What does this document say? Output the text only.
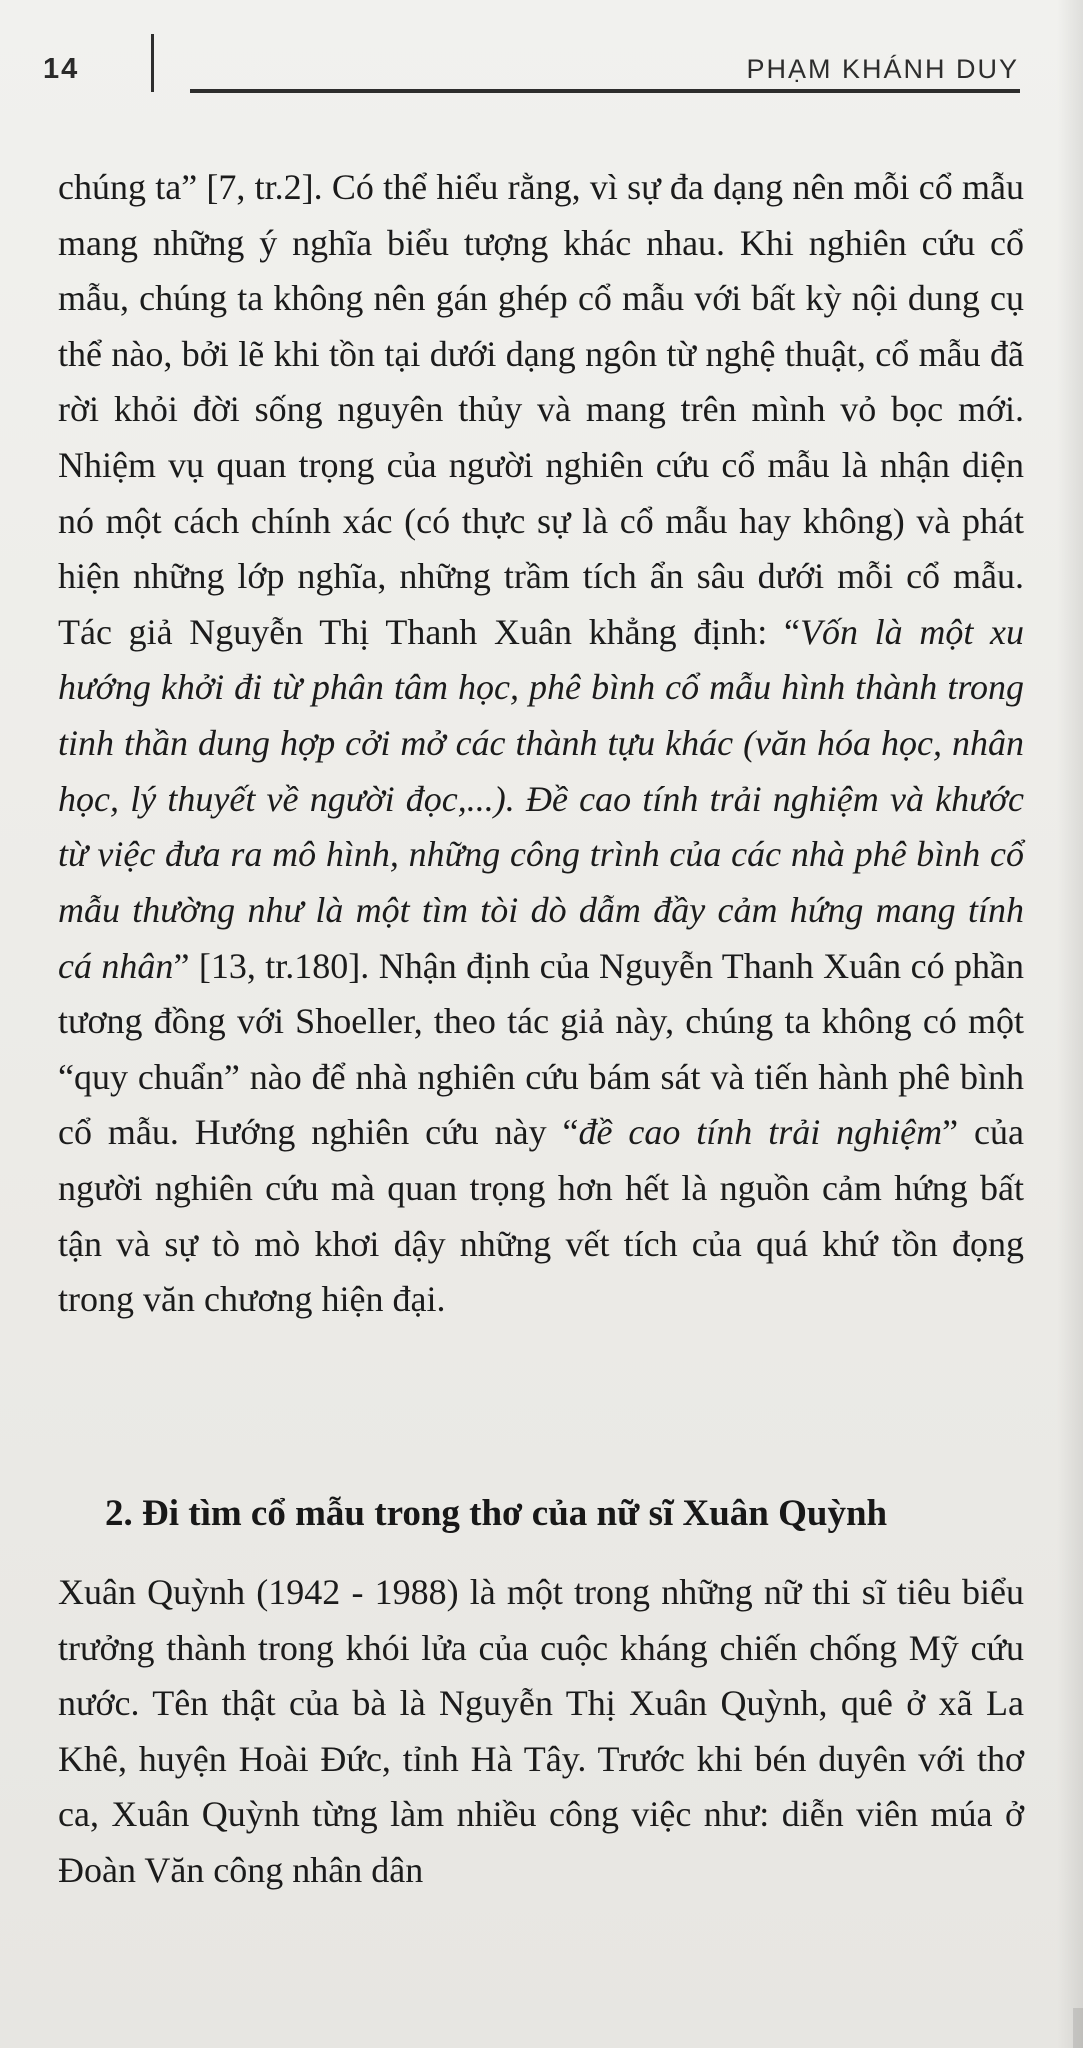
14	PHẠM KHÁNH DUY

chúng ta” [7, tr.2]. Có thể hiểu rằng, vì sự đa dạng nên mỗi cổ mẫu mang những ý nghĩa biểu tượng khác nhau. Khi nghiên cứu cổ mẫu, chúng ta không nên gán ghép cổ mẫu với bất kỳ nội dung cụ thể nào, bởi lẽ khi tồn tại dưới dạng ngôn từ nghệ thuật, cổ mẫu đã rời khỏi đời sống nguyên thủy và mang trên mình vỏ bọc mới. Nhiệm vụ quan trọng của người nghiên cứu cổ mẫu là nhận diện nó một cách chính xác (có thực sự là cổ mẫu hay không) và phát hiện những lớp nghĩa, những trầm tích ẩn sâu dưới mỗi cổ mẫu. Tác giả Nguyễn Thị Thanh Xuân khẳng định: “Vốn là một xu hướng khởi đi từ phân tâm học, phê bình cổ mẫu hình thành trong tinh thần dung hợp cởi mở các thành tựu khác (văn hóa học, nhân học, lý thuyết về người đọc,...). Đề cao tính trải nghiệm và khước từ việc đưa ra mô hình, những công trình của các nhà phê bình cổ mẫu thường như là một tìm tòi dò dẫm đầy cảm hứng mang tính cá nhân” [13, tr.180]. Nhận định của Nguyễn Thanh Xuân có phần tương đồng với Shoeller, theo tác giả này, chúng ta không có một “quy chuẩn” nào để nhà nghiên cứu bám sát và tiến hành phê bình cổ mẫu. Hướng nghiên cứu này “đề cao tính trải nghiệm” của người nghiên cứu mà quan trọng hơn hết là nguồn cảm hứng bất tận và sự tò mò khơi dậy những vết tích của quá khứ tồn đọng trong văn chương hiện đại.

2. Đi tìm cổ mẫu trong thơ của nữ sĩ Xuân Quỳnh

Xuân Quỳnh (1942 - 1988) là một trong những nữ thi sĩ tiêu biểu trưởng thành trong khói lửa của cuộc kháng chiến chống Mỹ cứu nước. Tên thật của bà là Nguyễn Thị Xuân Quỳnh, quê ở xã La Khê, huyện Hoài Đức, tỉnh Hà Tây. Trước khi bén duyên với thơ ca, Xuân Quỳnh từng làm nhiều công việc như: diễn viên múa ở Đoàn Văn công nhân dân
